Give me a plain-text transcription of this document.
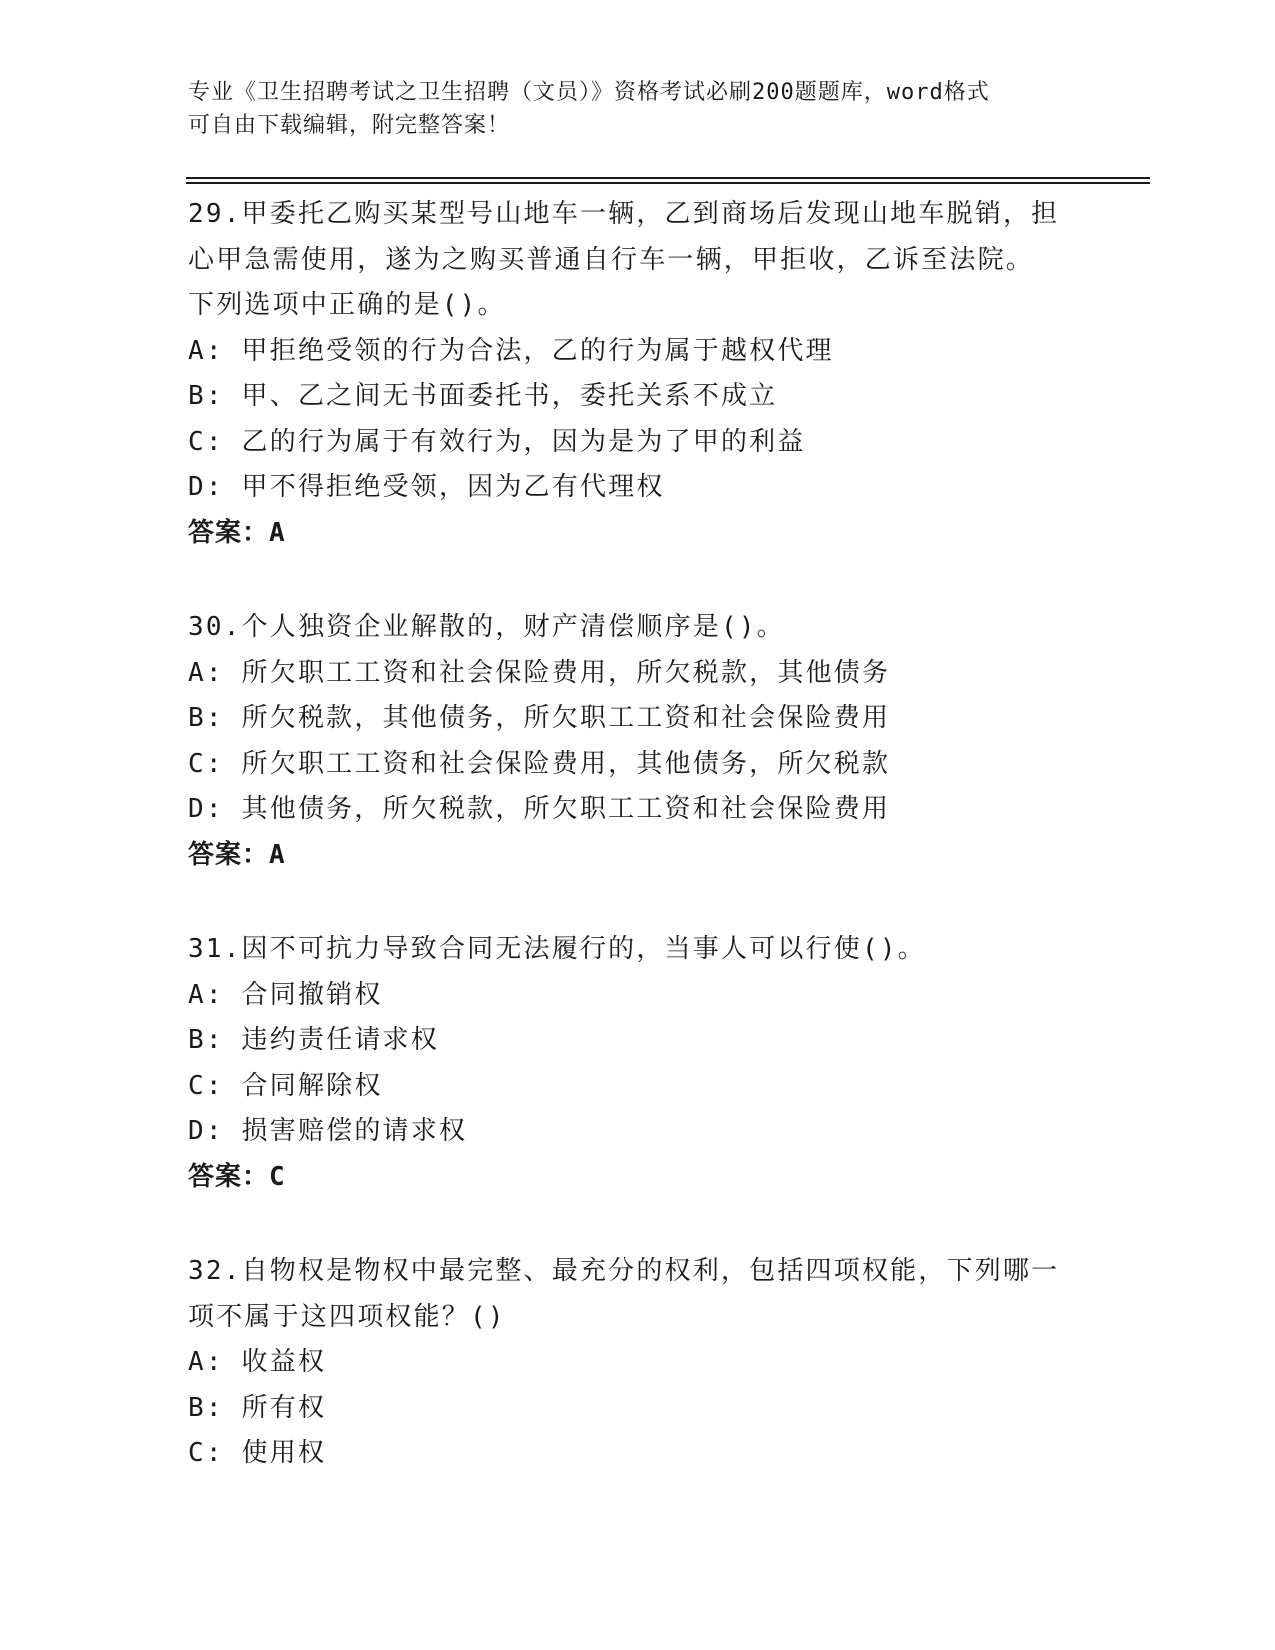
专业《卫生招聘考试之卫生招聘（文员）》资格考试必刷200题题库，word格式
可自由下载编辑，附完整答案！
29.甲委托乙购买某型号山地车一辆，乙到商场后发现山地车脱销，担
心甲急需使用，遂为之购买普通自行车一辆，甲拒收，乙诉至法院。
下列选项中正确的是()。
A: 甲拒绝受领的行为合法，乙的行为属于越权代理
B: 甲、乙之间无书面委托书，委托关系不成立
C: 乙的行为属于有效行为，因为是为了甲的利益
D: 甲不得拒绝受领，因为乙有代理权
答案：A
30.个人独资企业解散的，财产清偿顺序是()。
A: 所欠职工工资和社会保险费用，所欠税款，其他债务
B: 所欠税款，其他债务，所欠职工工资和社会保险费用
C: 所欠职工工资和社会保险费用，其他债务，所欠税款
D: 其他债务，所欠税款，所欠职工工资和社会保险费用
答案：A
31.因不可抗力导致合同无法履行的，当事人可以行使()。
A: 合同撤销权
B: 违约责任请求权
C: 合同解除权
D: 损害赔偿的请求权
答案：C
32.自物权是物权中最完整、最充分的权利，包括四项权能，下列哪一
项不属于这四项权能？()
A: 收益权
B: 所有权
C: 使用权
